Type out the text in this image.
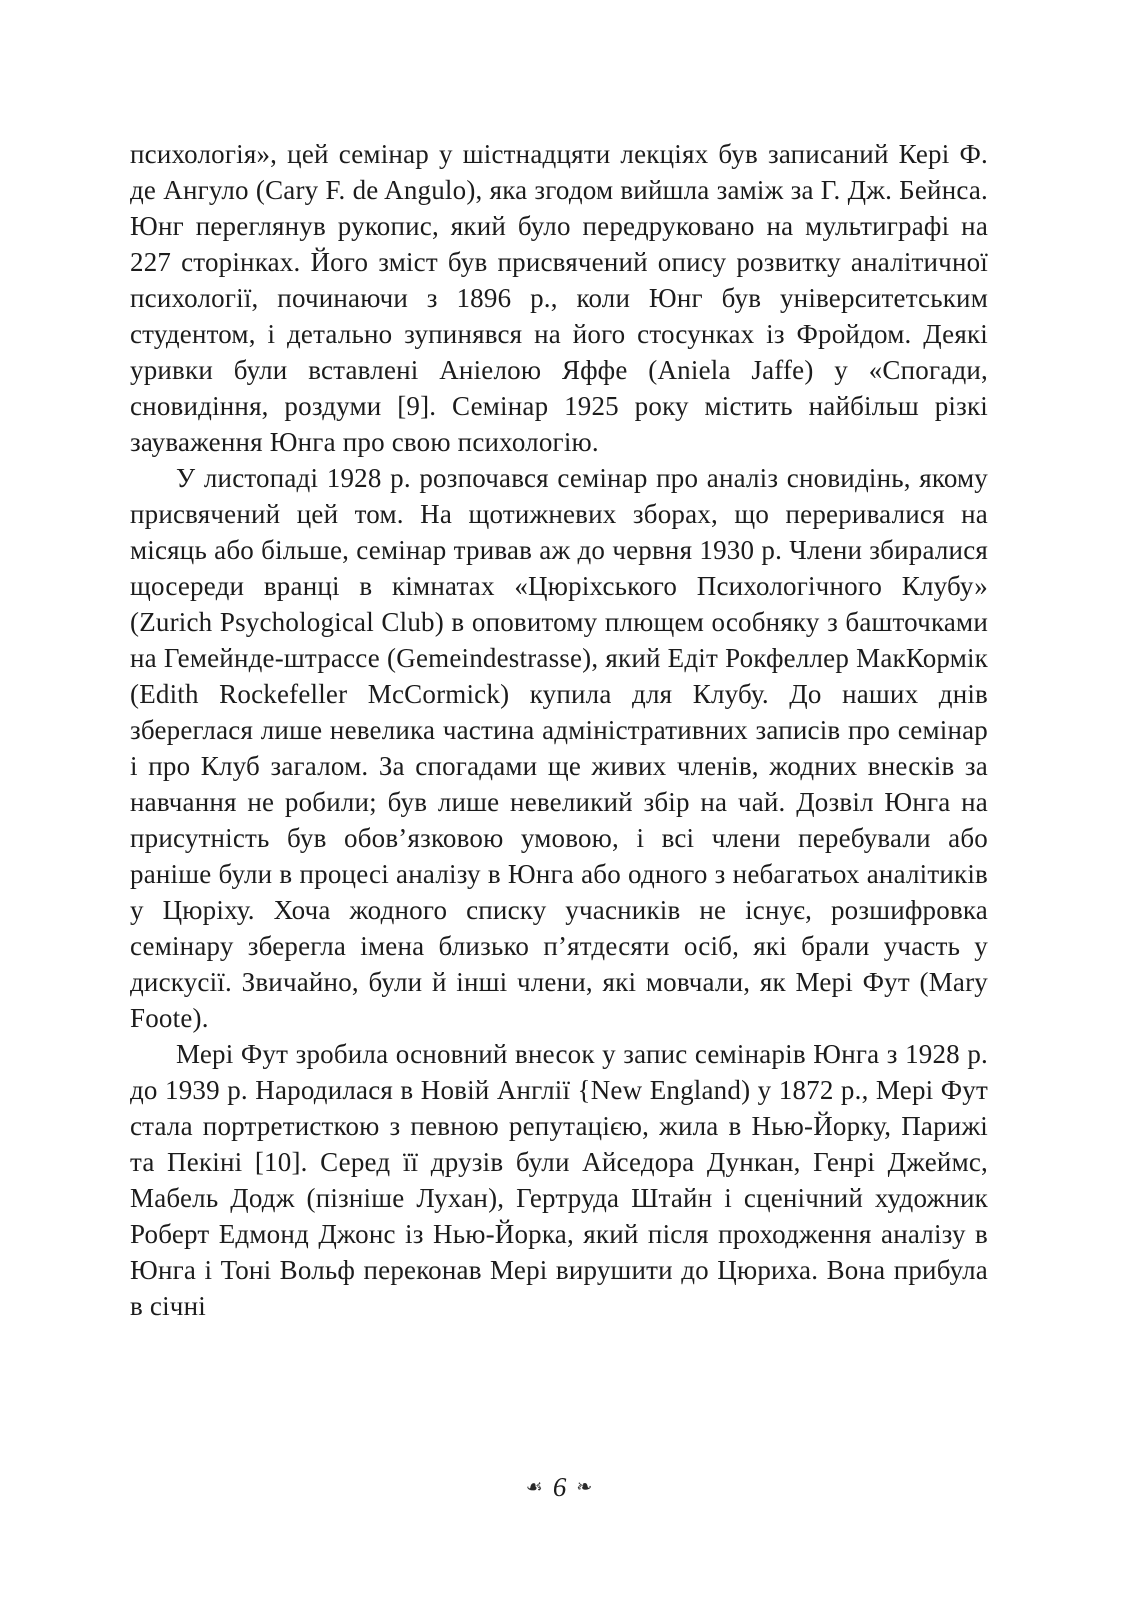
психологія», цей семінар у шістнадцяти лекціях був записаний Кері Ф. де Ангуло (Cary F. de Angulo), яка згодом вийшла заміж за Г. Дж. Бейнса. Юнг переглянув рукопис, який було передруковано на мультиграфі на 227 сторінках. Його зміст був присвячений опису розвитку аналітичної психології, починаючи з 1896 р., коли Юнг був університетським студентом, і детально зупинявся на його стосунках із Фройдом. Деякі уривки були вставлені Аніелою Яффе (Aniela Jaffe) у «Спогади, сновидіння, роздуми [9]. Семінар 1925 року містить найбільш різкі зауваження Юнга про свою психологію.

У листопаді 1928 р. розпочався семінар про аналіз сновидінь, якому присвячений цей том. На щотижневих зборах, що переривалися на місяць або більше, семінар тривав аж до червня 1930 р. Члени збиралися щосереди вранці в кімнатах «Цюріхського Психологічного Клубу» (Zurich Psychological Club) в оповитому плющем особняку з башточками на Гемейнде-штрассе (Gemeindestrasse), який Едіт Рокфеллер МакКормік (Edith Rockefeller McCormick) купила для Клубу. До наших днів збереглася лише невелика частина адміністративних записів про семінар і про Клуб загалом. За спогадами ще живих членів, жодних внесків за навчання не робили; був лише невеликий збір на чай. Дозвіл Юнга на присутність був обов’язковою умовою, і всі члени перебували або раніше були в процесі аналізу в Юнга або одного з небагатьох аналітиків у Цюріху. Хоча жодного списку учасників не існує, розшифровка семінару зберегла імена близько п’ятдесяти осіб, які брали участь у дискусії. Звичайно, були й інші члени, які мовчали, як Мері Фут (Mary Foote).

Мері Фут зробила основний внесок у запис семінарів Юнга з 1928 р. до 1939 р. Народилася в Новій Англії {New England) у 1872 р., Мері Фут стала портретисткою з певною репутацією, жила в Нью-Йорку, Парижі та Пекіні [10]. Серед її друзів були Айседора Дункан, Генрі Джеймс, Мабель Додж (пізніше Лухан), Гертруда Штайн і сценічний художник Роберт Едмонд Джонс із Нью-Йорка, який після проходження аналізу в Юнга і Тоні Вольф переконав Мері вирушити до Цюриха. Вона прибула в січні

☙ 6 ❧
